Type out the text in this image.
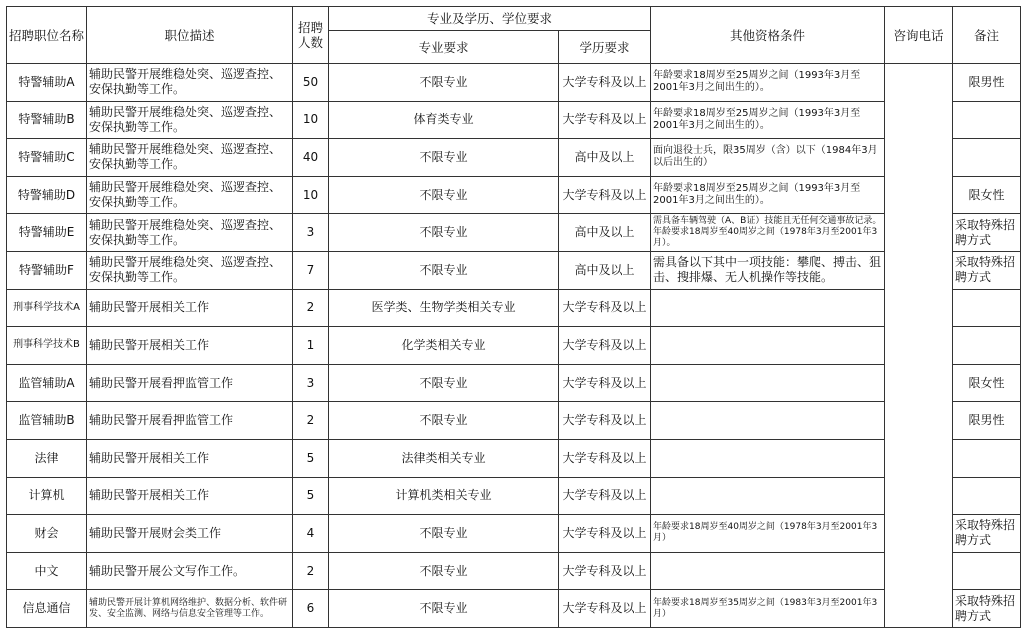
招聘职位名称	职位描述	招聘人数	专业及学历、学位要求		其他资格条件	咨询电话	备注
			专业要求	学历要求			
特警辅助A	辅助民警开展维稳处突、巡逻查控、安保执勤等工作。	50	不限专业	大学专科及以上	年龄要求18周岁至25周岁之间（1993年3月至2001年3月之间出生的）。		限男性
特警辅助B	辅助民警开展维稳处突、巡逻查控、安保执勤等工作。	10	体育类专业	大学专科及以上	年龄要求18周岁至25周岁之间（1993年3月至2001年3月之间出生的）。		
特警辅助C	辅助民警开展维稳处突、巡逻查控、安保执勤等工作。	40	不限专业	高中及以上	面向退役士兵，限35周岁（含）以下（1984年3月以后出生的）		
特警辅助D	辅助民警开展维稳处突、巡逻查控、安保执勤等工作。	10	不限专业	大学专科及以上	年龄要求18周岁至25周岁之间（1993年3月至2001年3月之间出生的）。		限女性
特警辅助E	辅助民警开展维稳处突、巡逻查控、安保执勤等工作。	3	不限专业	高中及以上	需具备车辆驾驶（A、B证）技能且无任何交通事故记录。年龄要求18周岁至40周岁之间（1978年3月至2001年3月）。		采取特殊招聘方式
特警辅助F	辅助民警开展维稳处突、巡逻查控、安保执勤等工作。	7	不限专业	高中及以上	需具备以下其中一项技能：攀爬、搏击、狙击、搜排爆、无人机操作等技能。		采取特殊招聘方式
刑事科学技术A	辅助民警开展相关工作	2	医学类、生物学类相关专业	大学专科及以上			
刑事科学技术B	辅助民警开展相关工作	1	化学类相关专业	大学专科及以上			
监管辅助A	辅助民警开展看押监管工作	3	不限专业	大学专科及以上			限女性
监管辅助B	辅助民警开展看押监管工作	2	不限专业	大学专科及以上			限男性
法律	辅助民警开展相关工作	5	法律类相关专业	大学专科及以上			
计算机	辅助民警开展相关工作	5	计算机类相关专业	大学专科及以上			
财会	辅助民警开展财会类工作	4	不限专业	大学专科及以上	年龄要求18周岁至40周岁之间（1978年3月至2001年3月）		采取特殊招聘方式
中文	辅助民警开展公文写作工作。	2	不限专业	大学专科及以上			
信息通信	辅助民警开展计算机网络维护、数据分析、软件研发、安全监测、网络与信息安全管理等工作。	6	不限专业	大学专科及以上	年龄要求18周岁至35周岁之间（1983年3月至2001年3月）		采取特殊招聘方式
